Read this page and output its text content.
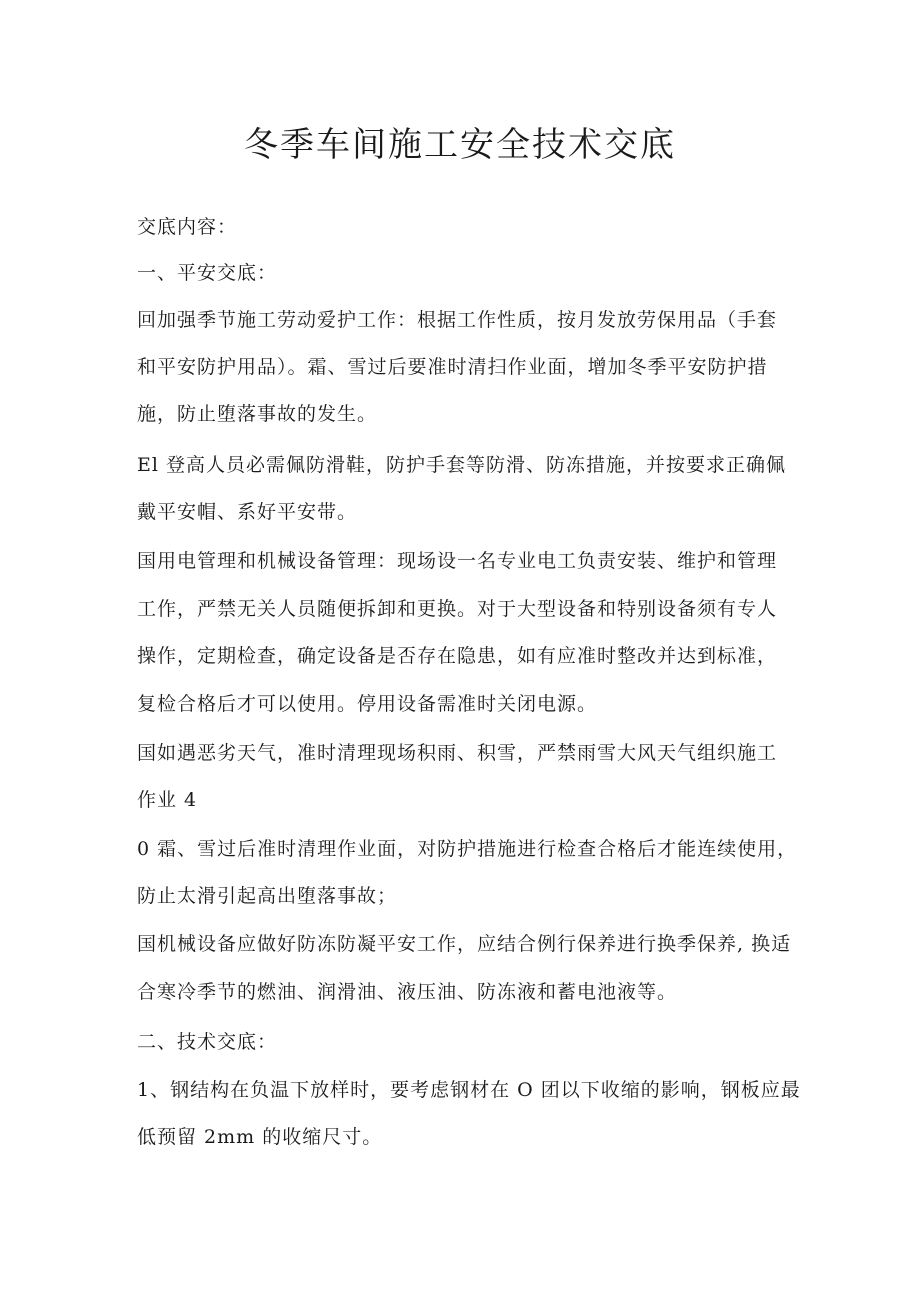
冬季车间施工安全技术交底
交底内容：
一、平安交底：
回加强季节施工劳动爱护工作：根据工作性质，按月发放劳保用品（手套
和平安防护用品）。霜、雪过后要准时清扫作业面，增加冬季平安防护措
施，防止堕落事故的发生。
El 登高人员必需佩防滑鞋，防护手套等防滑、防冻措施，并按要求正确佩
戴平安帽、系好平安带。
国用电管理和机械设备管理：现场设一名专业电工负责安装、维护和管理
工作，严禁无关人员随便拆卸和更换。对于大型设备和特别设备须有专人
操作，定期检查，确定设备是否存在隐患，如有应准时整改并达到标准，
复检合格后才可以使用。停用设备需准时关闭电源。
国如遇恶劣天气，准时清理现场积雨、积雪，严禁雨雪大风天气组织施工
作业 4
0 霜、雪过后准时清理作业面，对防护措施进行检查合格后才能连续使用，
防止太滑引起高出堕落事故；
国机械设备应做好防冻防凝平安工作，应结合例行保养进行换季保养, 换适
合寒冷季节的燃油、润滑油、液压油、防冻液和蓄电池液等。
二、技术交底：
1、钢结构在负温下放样时，要考虑钢材在 O 团以下收缩的影响，钢板应最
低预留 2mm 的收缩尺寸。
